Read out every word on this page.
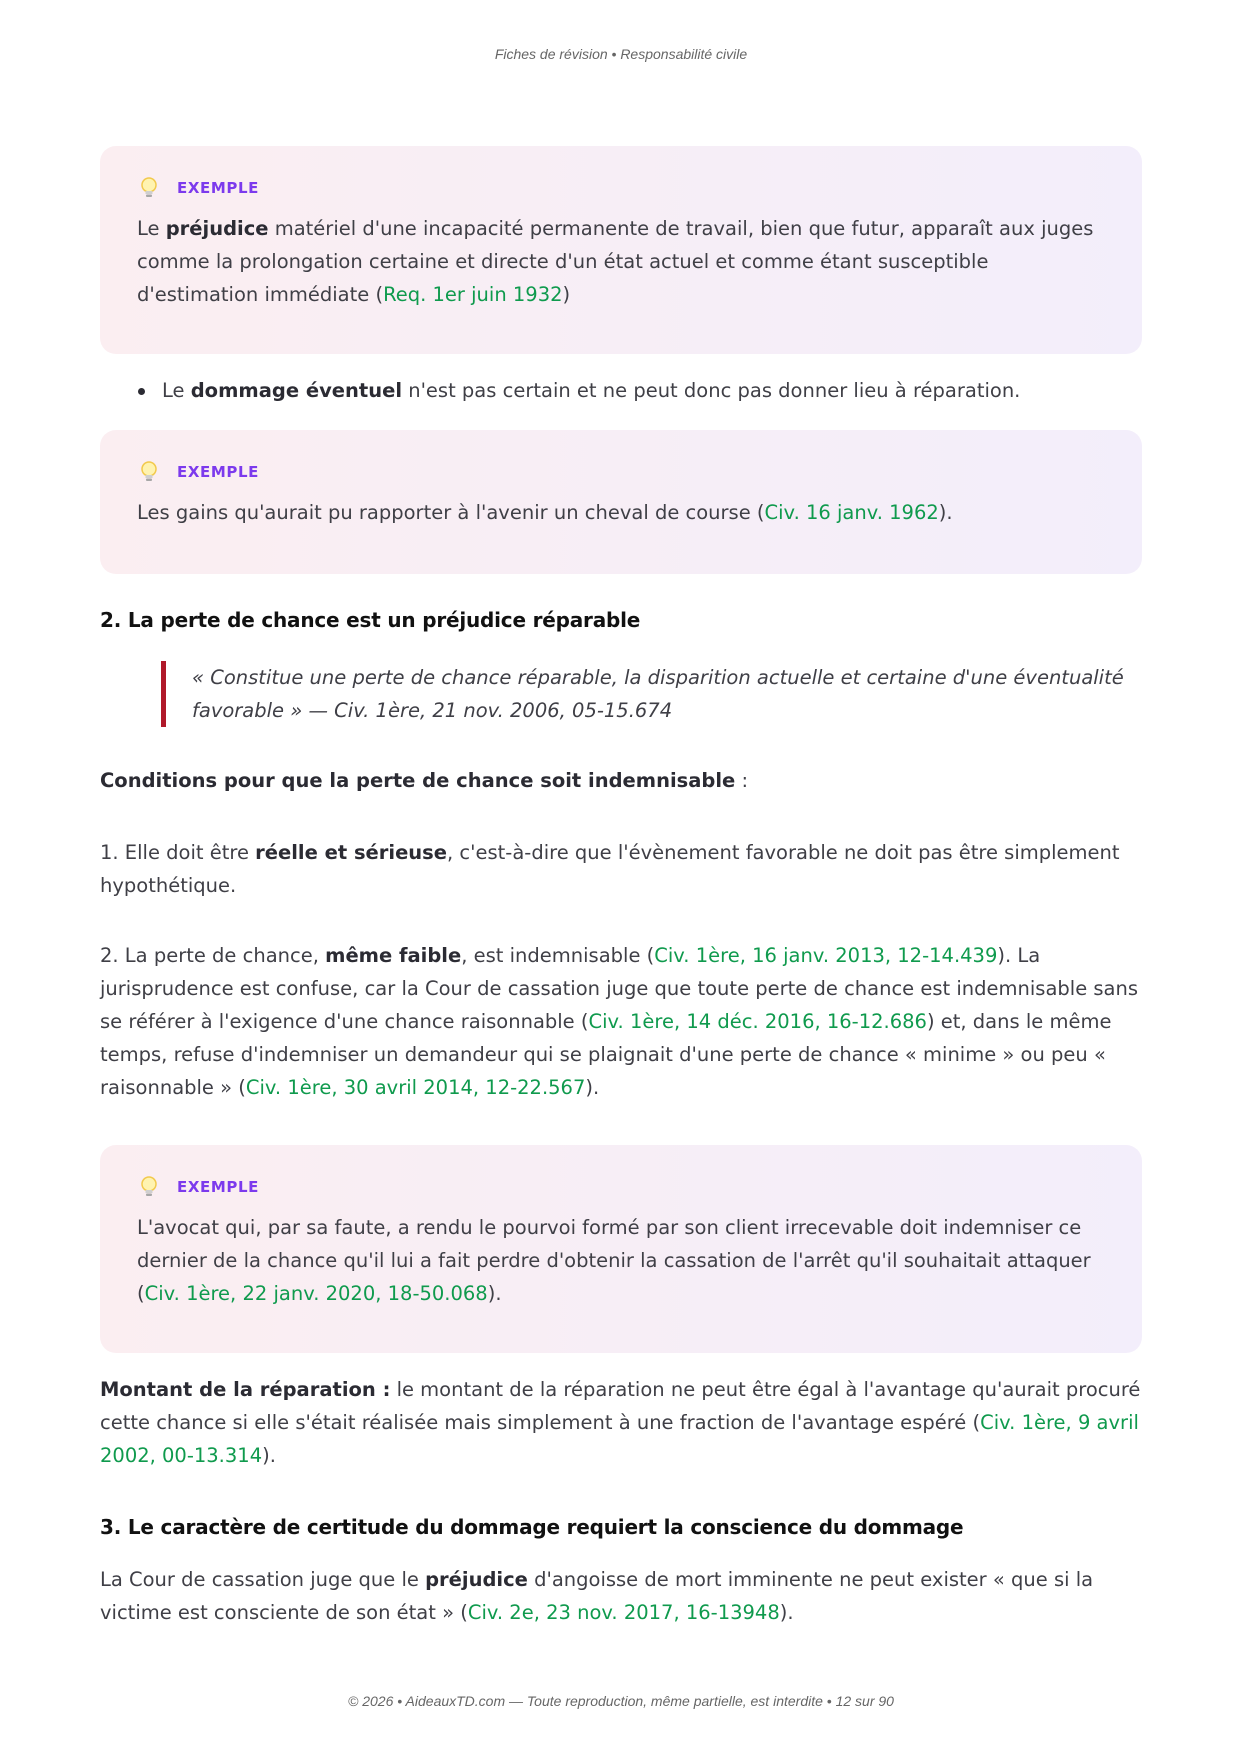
Fiches de révision • Responsabilité civile
EXEMPLE
Le préjudice matériel d'une incapacité permanente de travail, bien que futur, apparaît aux juges comme la prolongation certaine et directe d'un état actuel et comme étant susceptible d'estimation immédiate (Req. 1er juin 1932)
Le dommage éventuel n'est pas certain et ne peut donc pas donner lieu à réparation.
EXEMPLE
Les gains qu'aurait pu rapporter à l'avenir un cheval de course (Civ. 16 janv. 1962).
2. La perte de chance est un préjudice réparable
« Constitue une perte de chance réparable, la disparition actuelle et certaine d'une éventualité favorable » — Civ. 1ère, 21 nov. 2006, 05-15.674
Conditions pour que la perte de chance soit indemnisable :
1. Elle doit être réelle et sérieuse, c'est-à-dire que l'évènement favorable ne doit pas être simplement hypothétique.
2. La perte de chance, même faible, est indemnisable (Civ. 1ère, 16 janv. 2013, 12-14.439). La jurisprudence est confuse, car la Cour de cassation juge que toute perte de chance est indemnisable sans se référer à l'exigence d'une chance raisonnable (Civ. 1ère, 14 déc. 2016, 16-12.686) et, dans le même temps, refuse d'indemniser un demandeur qui se plaignait d'une perte de chance « minime » ou peu « raisonnable » (Civ. 1ère, 30 avril 2014, 12-22.567).
EXEMPLE
L'avocat qui, par sa faute, a rendu le pourvoi formé par son client irrecevable doit indemniser ce dernier de la chance qu'il lui a fait perdre d'obtenir la cassation de l'arrêt qu'il souhaitait attaquer (Civ. 1ère, 22 janv. 2020, 18-50.068).
Montant de la réparation : le montant de la réparation ne peut être égal à l'avantage qu'aurait procuré cette chance si elle s'était réalisée mais simplement à une fraction de l'avantage espéré (Civ. 1ère, 9 avril 2002, 00-13.314).
3. Le caractère de certitude du dommage requiert la conscience du dommage
La Cour de cassation juge que le préjudice d'angoisse de mort imminente ne peut exister « que si la victime est consciente de son état » (Civ. 2e, 23 nov. 2017, 16-13948).
© 2026 • AideauxTD.com — Toute reproduction, même partielle, est interdite • 12 sur 90
